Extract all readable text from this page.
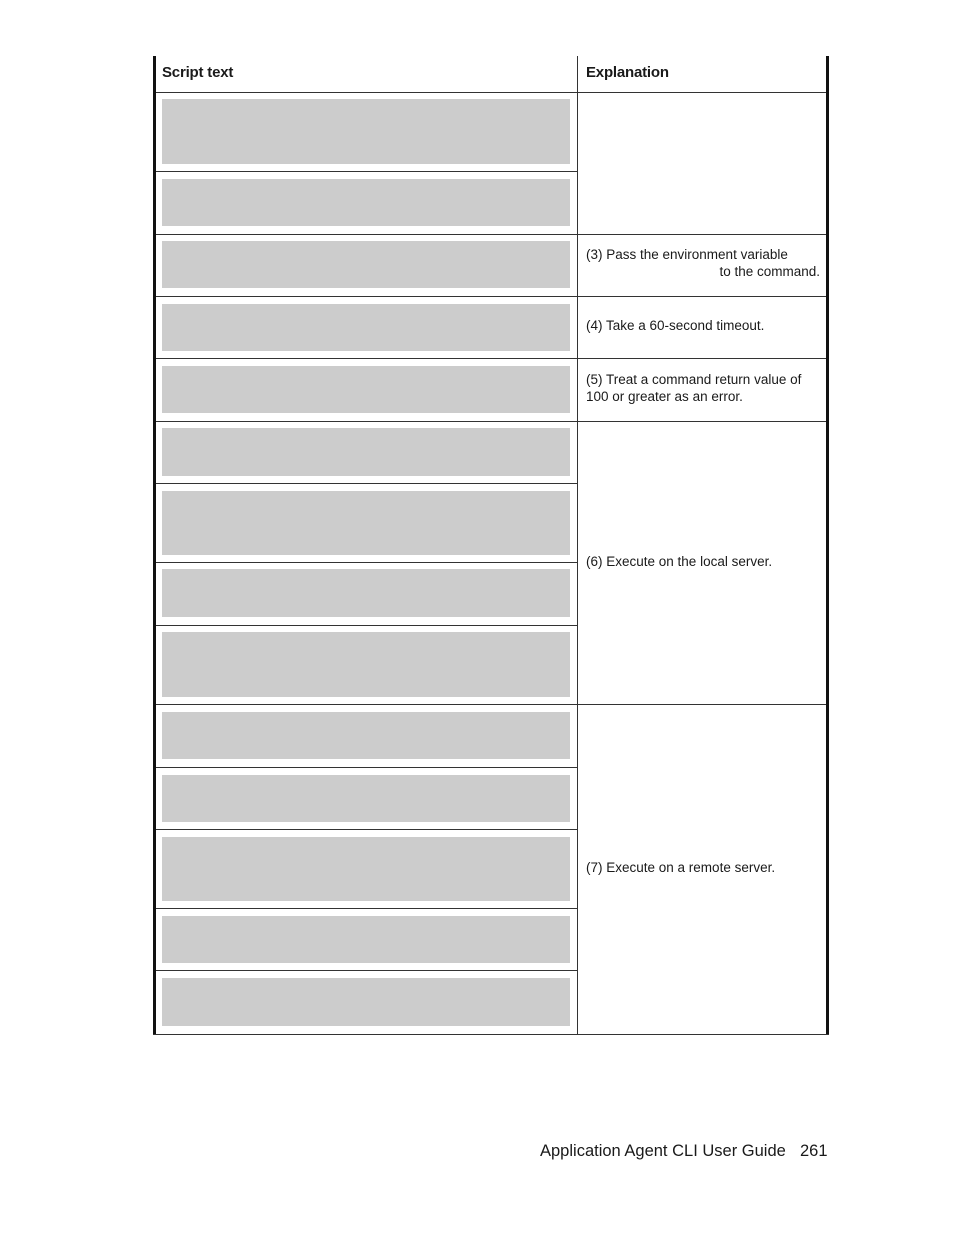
Script text	Explanation
(3) Pass the environment variable
to the command.
(4) Take a 60-second timeout.
(5) Treat a command return value of 100 or greater as an error.
(6) Execute on the local server.
(7) Execute on a remote server.
Application Agent CLI User Guide 261
